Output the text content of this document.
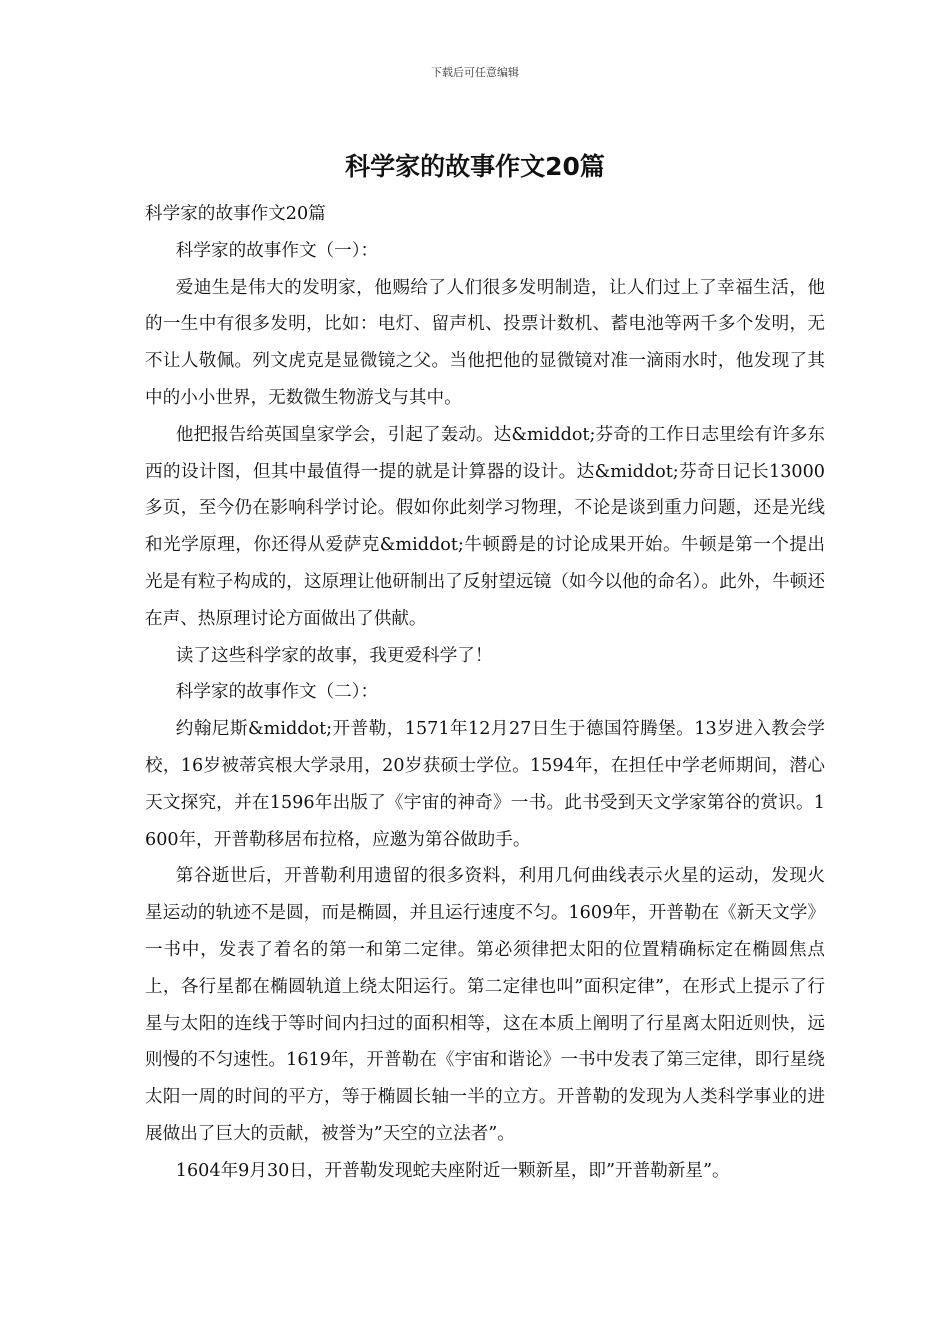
下载后可任意编辑
科学家的故事作文20篇

科学家的故事作文20篇

科学家的故事作文（一）：

爱迪生是伟大的发明家，他赐给了人们很多发明制造，让人们过上了幸福生活，他的一生中有很多发明，比如：电灯、留声机、投票计数机、蓄电池等两千多个发明，无不让人敬佩。列文虎克是显微镜之父。当他把他的显微镜对准一滴雨水时，他发现了其中的小小世界，无数微生物游戈与其中。

他把报告给英国皇家学会，引起了轰动。达&middot;芬奇的工作日志里绘有许多东西的设计图，但其中最值得一提的就是计算器的设计。达&middot;芬奇日记长13000多页，至今仍在影响科学讨论。假如你此刻学习物理，不论是谈到重力问题，还是光线和光学原理，你还得从爱萨克&middot;牛顿爵是的讨论成果开始。牛顿是第一个提出光是有粒子构成的，这原理让他研制出了反射望远镜（如今以他的命名）。此外，牛顿还在声、热原理讨论方面做出了供献。

读了这些科学家的故事，我更爱科学了！

科学家的故事作文（二）：

约翰尼斯&middot;开普勒，1571年12月27日生于德国符腾堡。13岁进入教会学校，16岁被蒂宾根大学录用，20岁获硕士学位。1594年，在担任中学老师期间，潜心天文探究，并在1596年出版了《宇宙的神奇》一书。此书受到天文学家第谷的赏识。1600年，开普勒移居布拉格，应邀为第谷做助手。

第谷逝世后，开普勒利用遗留的很多资料，利用几何曲线表示火星的运动，发现火星运动的轨迹不是圆，而是椭圆，并且运行速度不匀。1609年，开普勒在《新天文学》一书中，发表了着名的第一和第二定律。第必须律把太阳的位置精确标定在椭圆焦点上，各行星都在椭圆轨道上绕太阳运行。第二定律也叫”面积定律”，在形式上提示了行星与太阳的连线于等时间内扫过的面积相等，这在本质上阐明了行星离太阳近则快，远则慢的不匀速性。1619年，开普勒在《宇宙和谐论》一书中发表了第三定律，即行星绕太阳一周的时间的平方，等于椭圆长轴一半的立方。开普勒的发现为人类科学事业的进展做出了巨大的贡献，被誉为”天空的立法者”。

1604年9月30日，开普勒发现蛇夫座附近一颗新星，即”开普勒新星”。
